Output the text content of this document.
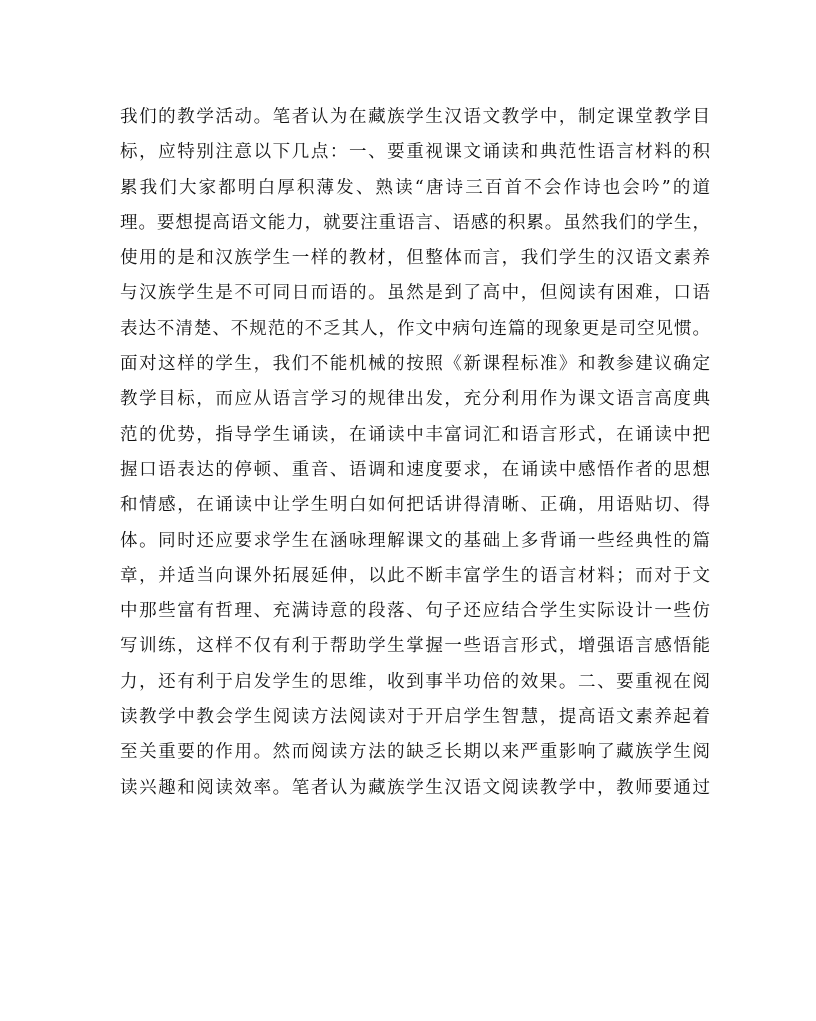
我们的教学活动。笔者认为在藏族学生汉语文教学中，制定课堂教学目
标，应特别注意以下几点：一、要重视课文诵读和典范性语言材料的积
累我们大家都明白厚积薄发、熟读“唐诗三百首不会作诗也会吟”的道
理。要想提高语文能力，就要注重语言、语感的积累。虽然我们的学生，
使用的是和汉族学生一样的教材，但整体而言，我们学生的汉语文素养
与汉族学生是不可同日而语的。虽然是到了高中，但阅读有困难，口语
表达不清楚、不规范的不乏其人，作文中病句连篇的现象更是司空见惯。
面对这样的学生，我们不能机械的按照《新课程标准》和教参建议确定
教学目标，而应从语言学习的规律出发，充分利用作为课文语言高度典
范的优势，指导学生诵读，在诵读中丰富词汇和语言形式，在诵读中把
握口语表达的停顿、重音、语调和速度要求，在诵读中感悟作者的思想
和情感，在诵读中让学生明白如何把话讲得清晰、正确，用语贴切、得
体。同时还应要求学生在涵咏理解课文的基础上多背诵一些经典性的篇
章，并适当向课外拓展延伸，以此不断丰富学生的语言材料；而对于文
中那些富有哲理、充满诗意的段落、句子还应结合学生实际设计一些仿
写训练，这样不仅有利于帮助学生掌握一些语言形式，增强语言感悟能
力，还有利于启发学生的思维，收到事半功倍的效果。二、要重视在阅
读教学中教会学生阅读方法阅读对于开启学生智慧，提高语文素养起着
至关重要的作用。然而阅读方法的缺乏长期以来严重影响了藏族学生阅
读兴趣和阅读效率。笔者认为藏族学生汉语文阅读教学中，教师要通过
